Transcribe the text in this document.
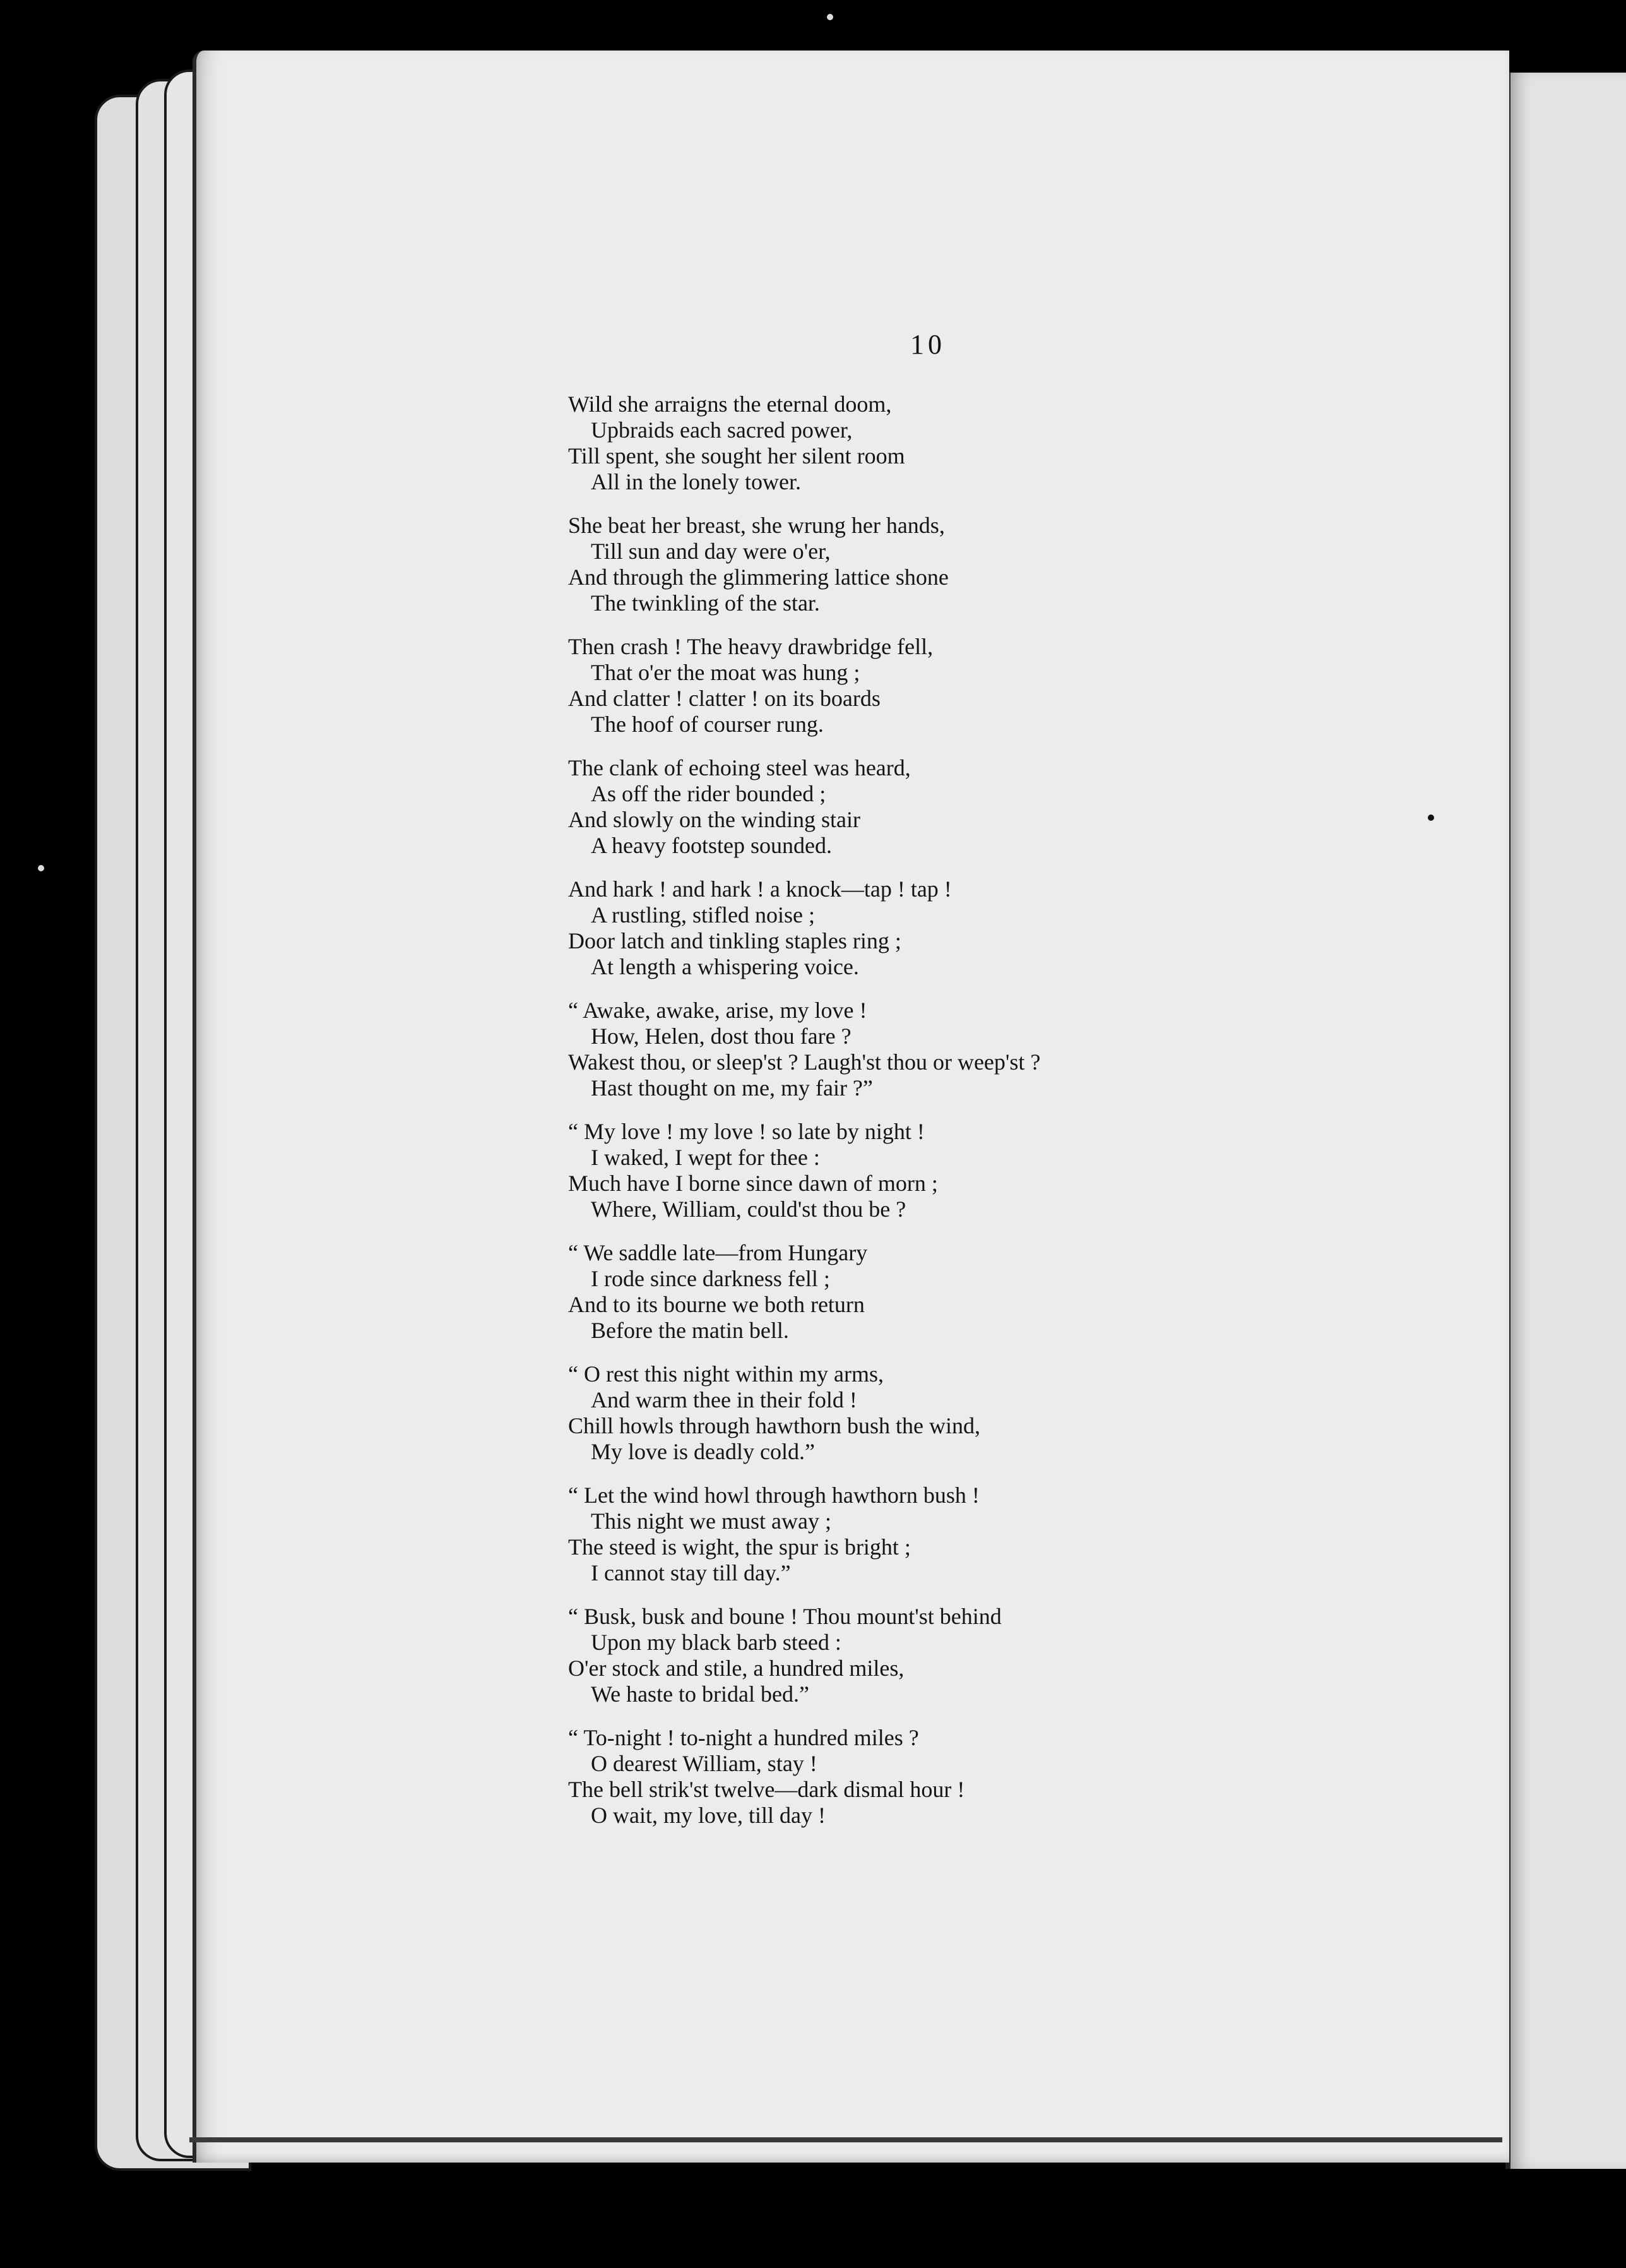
10
Wild she arraigns the eternal doom,
Upbraids each sacred power,
Till spent, she sought her silent room
All in the lonely tower.
She beat her breast, she wrung her hands,
Till sun and day were o'er,
And through the glimmering lattice shone
The twinkling of the star.
Then crash ! The heavy drawbridge fell,
That o'er the moat was hung ;
And clatter ! clatter ! on its boards
The hoof of courser rung.
The clank of echoing steel was heard,
As off the rider bounded ;
And slowly on the winding stair
A heavy footstep sounded.
And hark ! and hark ! a knock—tap ! tap !
A rustling, stifled noise ;
Door latch and tinkling staples ring ;
At length a whispering voice.
“ Awake, awake, arise, my love !
How, Helen, dost thou fare ?
Wakest thou, or sleep'st ? Laugh'st thou or weep'st ?
Hast thought on me, my fair ?”
“ My love ! my love ! so late by night !
I waked, I wept for thee :
Much have I borne since dawn of morn ;
Where, William, could'st thou be ?
“ We saddle late—from Hungary
I rode since darkness fell ;
And to its bourne we both return
Before the matin bell.
“ O rest this night within my arms,
And warm thee in their fold !
Chill howls through hawthorn bush the wind,
My love is deadly cold.”
“ Let the wind howl through hawthorn bush !
This night we must away ;
The steed is wight, the spur is bright ;
I cannot stay till day.”
“ Busk, busk and boune ! Thou mount'st behind
Upon my black barb steed :
O'er stock and stile, a hundred miles,
We haste to bridal bed.”
“ To-night ! to-night a hundred miles ?
O dearest William, stay !
The bell strik'st twelve—dark dismal hour !
O wait, my love, till day !
